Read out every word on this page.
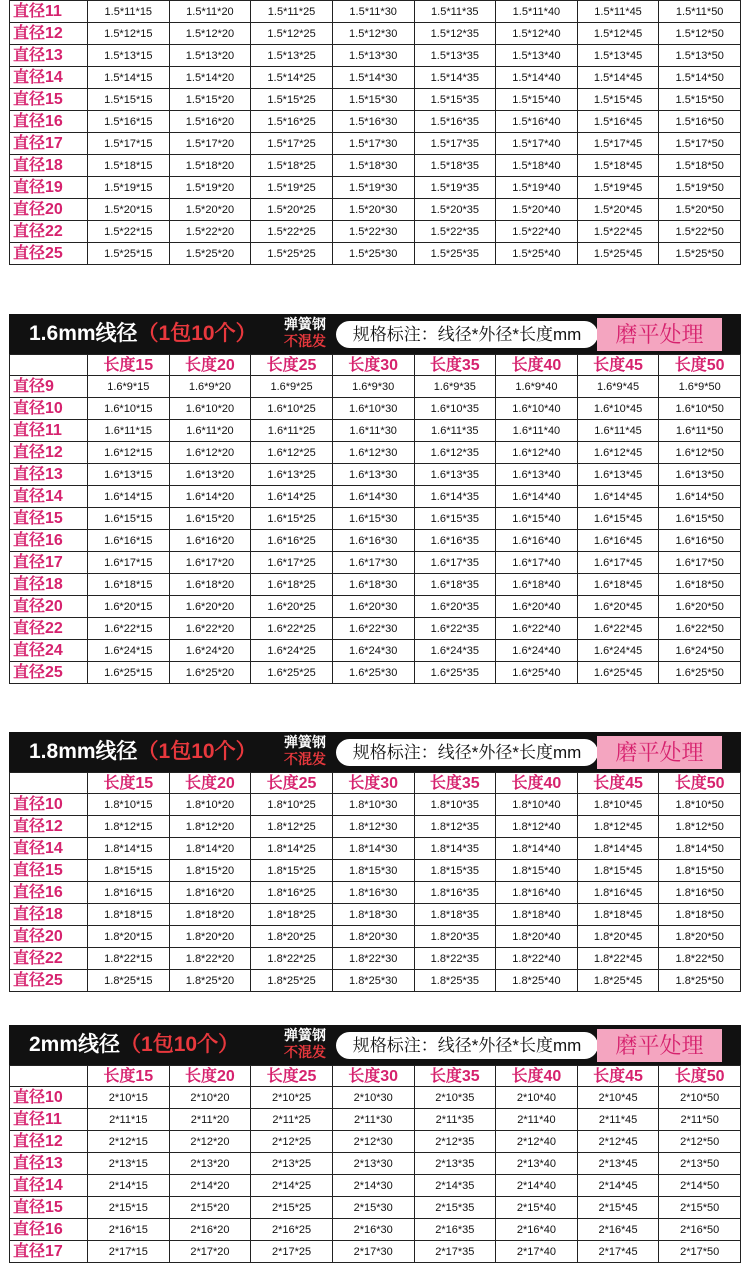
直径11	1.5*11*15	1.5*11*20	1.5*11*25	1.5*11*30	1.5*11*35	1.5*11*40	1.5*11*45	1.5*11*50
直径12	1.5*12*15	1.5*12*20	1.5*12*25	1.5*12*30	1.5*12*35	1.5*12*40	1.5*12*45	1.5*12*50
直径13	1.5*13*15	1.5*13*20	1.5*13*25	1.5*13*30	1.5*13*35	1.5*13*40	1.5*13*45	1.5*13*50
直径14	1.5*14*15	1.5*14*20	1.5*14*25	1.5*14*30	1.5*14*35	1.5*14*40	1.5*14*45	1.5*14*50
直径15	1.5*15*15	1.5*15*20	1.5*15*25	1.5*15*30	1.5*15*35	1.5*15*40	1.5*15*45	1.5*15*50
直径16	1.5*16*15	1.5*16*20	1.5*16*25	1.5*16*30	1.5*16*35	1.5*16*40	1.5*16*45	1.5*16*50
直径17	1.5*17*15	1.5*17*20	1.5*17*25	1.5*17*30	1.5*17*35	1.5*17*40	1.5*17*45	1.5*17*50
直径18	1.5*18*15	1.5*18*20	1.5*18*25	1.5*18*30	1.5*18*35	1.5*18*40	1.5*18*45	1.5*18*50
直径19	1.5*19*15	1.5*19*20	1.5*19*25	1.5*19*30	1.5*19*35	1.5*19*40	1.5*19*45	1.5*19*50
直径20	1.5*20*15	1.5*20*20	1.5*20*25	1.5*20*30	1.5*20*35	1.5*20*40	1.5*20*45	1.5*20*50
直径22	1.5*22*15	1.5*22*20	1.5*22*25	1.5*22*30	1.5*22*35	1.5*22*40	1.5*22*45	1.5*22*50
直径25	1.5*25*15	1.5*25*20	1.5*25*25	1.5*25*30	1.5*25*35	1.5*25*40	1.5*25*45	1.5*25*50
1.6mm线径（1包10个） 弹簧钢
不混发	规格标注：线径*外径*长度mm	磨平处理
	长度15	长度20	长度25	长度30	长度35	长度40	长度45	长度50
直径9	1.6*9*15	1.6*9*20	1.6*9*25	1.6*9*30	1.6*9*35	1.6*9*40	1.6*9*45	1.6*9*50
直径10	1.6*10*15	1.6*10*20	1.6*10*25	1.6*10*30	1.6*10*35	1.6*10*40	1.6*10*45	1.6*10*50
直径11	1.6*11*15	1.6*11*20	1.6*11*25	1.6*11*30	1.6*11*35	1.6*11*40	1.6*11*45	1.6*11*50
直径12	1.6*12*15	1.6*12*20	1.6*12*25	1.6*12*30	1.6*12*35	1.6*12*40	1.6*12*45	1.6*12*50
直径13	1.6*13*15	1.6*13*20	1.6*13*25	1.6*13*30	1.6*13*35	1.6*13*40	1.6*13*45	1.6*13*50
直径14	1.6*14*15	1.6*14*20	1.6*14*25	1.6*14*30	1.6*14*35	1.6*14*40	1.6*14*45	1.6*14*50
直径15	1.6*15*15	1.6*15*20	1.6*15*25	1.6*15*30	1.6*15*35	1.6*15*40	1.6*15*45	1.6*15*50
直径16	1.6*16*15	1.6*16*20	1.6*16*25	1.6*16*30	1.6*16*35	1.6*16*40	1.6*16*45	1.6*16*50
直径17	1.6*17*15	1.6*17*20	1.6*17*25	1.6*17*30	1.6*17*35	1.6*17*40	1.6*17*45	1.6*17*50
直径18	1.6*18*15	1.6*18*20	1.6*18*25	1.6*18*30	1.6*18*35	1.6*18*40	1.6*18*45	1.6*18*50
直径20	1.6*20*15	1.6*20*20	1.6*20*25	1.6*20*30	1.6*20*35	1.6*20*40	1.6*20*45	1.6*20*50
直径22	1.6*22*15	1.6*22*20	1.6*22*25	1.6*22*30	1.6*22*35	1.6*22*40	1.6*22*45	1.6*22*50
直径24	1.6*24*15	1.6*24*20	1.6*24*25	1.6*24*30	1.6*24*35	1.6*24*40	1.6*24*45	1.6*24*50
直径25	1.6*25*15	1.6*25*20	1.6*25*25	1.6*25*30	1.6*25*35	1.6*25*40	1.6*25*45	1.6*25*50
1.8mm线径（1包10个） 弹簧钢
不混发	规格标注：线径*外径*长度mm	磨平处理
	长度15	长度20	长度25	长度30	长度35	长度40	长度45	长度50
直径10	1.8*10*15	1.8*10*20	1.8*10*25	1.8*10*30	1.8*10*35	1.8*10*40	1.8*10*45	1.8*10*50
直径12	1.8*12*15	1.8*12*20	1.8*12*25	1.8*12*30	1.8*12*35	1.8*12*40	1.8*12*45	1.8*12*50
直径14	1.8*14*15	1.8*14*20	1.8*14*25	1.8*14*30	1.8*14*35	1.8*14*40	1.8*14*45	1.8*14*50
直径15	1.8*15*15	1.8*15*20	1.8*15*25	1.8*15*30	1.8*15*35	1.8*15*40	1.8*15*45	1.8*15*50
直径16	1.8*16*15	1.8*16*20	1.8*16*25	1.8*16*30	1.8*16*35	1.8*16*40	1.8*16*45	1.8*16*50
直径18	1.8*18*15	1.8*18*20	1.8*18*25	1.8*18*30	1.8*18*35	1.8*18*40	1.8*18*45	1.8*18*50
直径20	1.8*20*15	1.8*20*20	1.8*20*25	1.8*20*30	1.8*20*35	1.8*20*40	1.8*20*45	1.8*20*50
直径22	1.8*22*15	1.8*22*20	1.8*22*25	1.8*22*30	1.8*22*35	1.8*22*40	1.8*22*45	1.8*22*50
直径25	1.8*25*15	1.8*25*20	1.8*25*25	1.8*25*30	1.8*25*35	1.8*25*40	1.8*25*45	1.8*25*50
2mm线径（1包10个）	弹簧钢
不混发	规格标注：线径*外径*长度mm	磨平处理
	长度15	长度20	长度25	长度30	长度35	长度40	长度45	长度50
直径10	2*10*15	2*10*20	2*10*25	2*10*30	2*10*35	2*10*40	2*10*45	2*10*50
直径11	2*11*15	2*11*20	2*11*25	2*11*30	2*11*35	2*11*40	2*11*45	2*11*50
直径12	2*12*15	2*12*20	2*12*25	2*12*30	2*12*35	2*12*40	2*12*45	2*12*50
直径13	2*13*15	2*13*20	2*13*25	2*13*30	2*13*35	2*13*40	2*13*45	2*13*50
直径14	2*14*15	2*14*20	2*14*25	2*14*30	2*14*35	2*14*40	2*14*45	2*14*50
直径15	2*15*15	2*15*20	2*15*25	2*15*30	2*15*35	2*15*40	2*15*45	2*15*50
直径16	2*16*15	2*16*20	2*16*25	2*16*30	2*16*35	2*16*40	2*16*45	2*16*50
直径17	2*17*15	2*17*20	2*17*25	2*17*30	2*17*35	2*17*40	2*17*45	2*17*50
